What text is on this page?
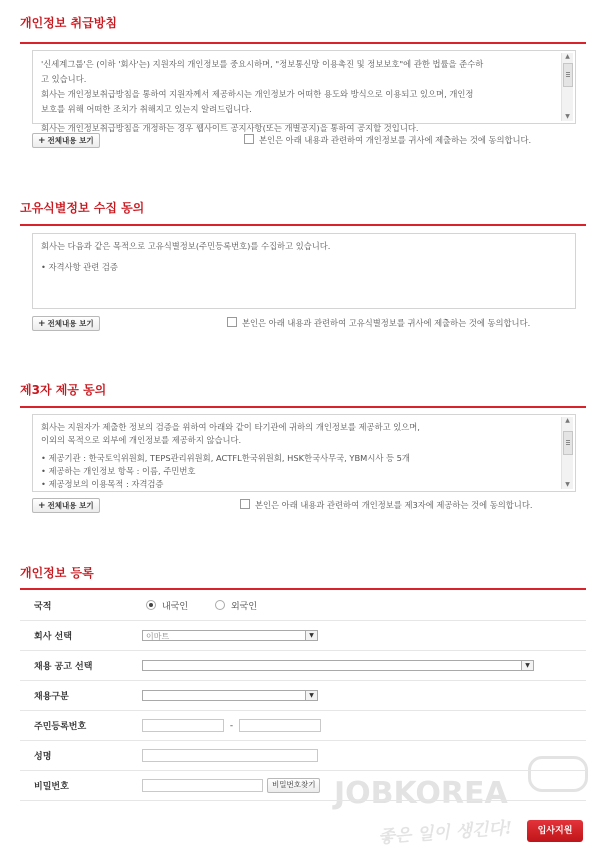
개인정보 취급방침

'신세계그룹'은 (이하 '회사'는) 지원자의 개인정보를 중요시하며, "정보통신망 이용촉진 및 정보보호"에 관한 법률을 준수하

고 있습니다.

회사는 개인정보취급방침을 통하여 지원자께서 제공하시는 개인정보가 어떠한 용도와 방식으로 이용되고 있으며, 개인정

보호를 위해 어떠한 조치가 취해지고 있는지 알려드립니다.

회사는 개인정보취급방침을 개정하는 경우 웹사이트 공지사항(또는 개별공지)을 통하여 공지할 것입니다.

▲
▼
+ 전체내용 보기	본인은 아래 내용과 관련하여 개인정보를 귀사에 제출하는 것에 동의합니다.
고유식별정보 수집 동의

회사는 다음과 같은 목적으로 고유식별정보(주민등록번호)를 수집하고 있습니다.

• 자격사항 관련 검증

+ 전체내용 보기	본인은 아래 내용과 관련하여 고유식별정보를 귀사에 제출하는 것에 동의합니다.
제3자 제공 동의

회사는 지원자가 제출한 정보의 검증을 위하여 아래와 같이 타기관에 귀하의 개인정보를 제공하고 있으며,

이외의 목적으로 외부에 개인정보를 제공하지 않습니다.

• 제공기관 : 한국토익위원회, TEPS관리위원회, ACTFL한국위원회, HSK한국사무국, YBM시사 등 5개

• 제공하는 개인정보 항목 : 이름, 주민번호

• 제공정보의 이용목적 : 자격검증

▲
▼
+ 전체내용 보기	본인은 아래 내용과 관련하여 개인정보를 제3자에 제공하는 것에 동의합니다.
개인정보 등록
JOBKOREA
좋은 일이 생긴다!
국적	내국인 외국인
회사 선택	이마트 ▼

채용 공고 선택	▼

채용구분	▼

주민등록번호	-
성명	
비밀번호	비밀번호찾기
입사지원
